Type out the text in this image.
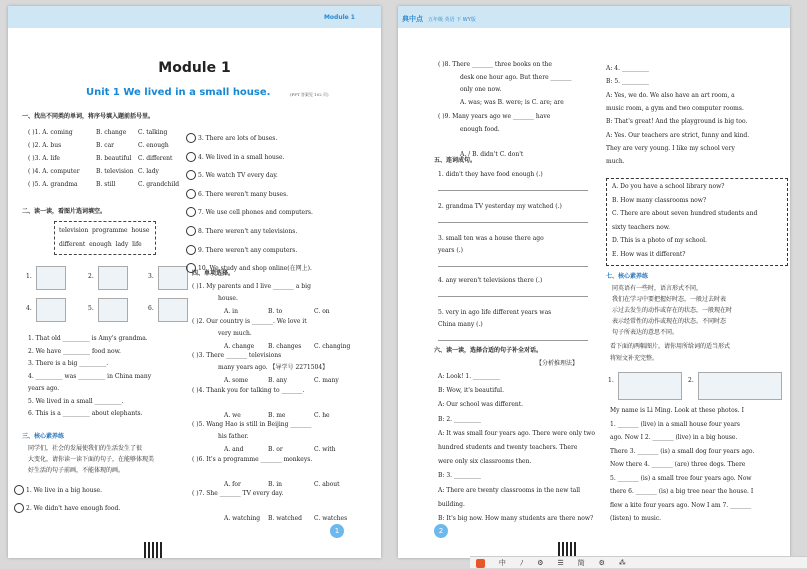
Module 1
Module 1
Unit 1 We lived in a small house.	(PPT 答案见 102 页)
一、找出不同类的单词，将序号填入题前括号里。
二、读一读，看图片选词填空。
television programme house
different enough lady life
三、核心素养练
四、单项选择。
1
( )1. A. coming	B. change C. talking
( )2. A. bus	B. car	C. enough
( )3. A. life	B. beautiful C. different
( )4. A. computer	B. television C. lady
( )5. A. grandma	B. still	C. grandchild
1.	2.	3.
4.	5.	6.
1. That old _________ is Amy's grandma.
2. We have _________ food now.
3. There is a big _________.
4. _________ was _________ in China many
years ago.
5. We lived in a small _________.
6. This is a _________ about elephants.
同学们，社会的发展使我们的生活发生了很
大变化，请你读一读下面的句子，在能够体现美
好生活的句子前画，不能体现的画。
1. We live in a big house.
2. We didn't have enough food.
3. There are lots of buses.
4. We lived in a small house.
5. We watch TV every day.
6. There weren't many buses.
7. We use cell phones and computers.
8. There weren't any televisions.
9. There weren't any computers.
10. We study and shop online(在网上).
( )1. My parents and I live _______ a big
house.
A. in	B. to	C. on
( )2. Our country is _______. We love it
very much.
A. change B. changes C. changing
( )3. There _______ televisions
many years ago. 【导学号 2271504】
A. some	B. any	C. many
( )4. Thank you for talking to _______.
A. we	B. me	C. he
( )5. Wang Hao is still in Beijing _______
his father.
A. and	B. or	C. with
( )6. It's a programme _______ monkeys.
A. for	B. in	C. about
( )7. She _______ TV every day.
A. watching B. watched C. watches
典中点 五年级 英语 下 WY版
五、连词成句。
六、读一读，选择合适的句子补全对话。
【分析推理法】
七、核心素养练
1.	2.
2
( )8. There _______ three books on the
desk one hour ago. But there _______
only one now.
A. was; was B. were; is C. are; are
( )9. Many years ago we _______ have
enough food.
A. / B. didn't C. don't
1. didn't they have food enough (.)
2. grandma TV yesterday my watched (.)
3. small ten was a house there ago
years (.)
4. any weren't televisions there (.)
5. very in ago life different years was
China many (.)
A: Look! 1. _________
B: Wow, it's beautiful.
A: Our school was different.
B: 2. _________
A: It was small four years ago. There were only two
hundred students and twenty teachers. There
were only six classrooms then.
B: 3. _________
A: There are twenty classrooms in the new tall
building.
B: It's big now. How many students are there now?
A: 4. _________
B: 5. _________
A: Yes, we do. We also have an art room, a
music room, a gym and two computer rooms.
B: That's great! And the playground is big too.
A: Yes. Our teachers are strict, funny and kind.
They are very young. I like my school very
much.
A. Do you have a school library now?
B. How many classrooms now?
C. There are about seven hundred students and
sixty teachers now.
D. This is a photo of my school.
E. How was it different?
同英语有一些时，语言形式不同，
我们在学习中要把握好时态，一般过去时表
示过去发生的动作或存在的状态，一般现在时
表示经常性的动作或现在的状态。不同时态
句子所表达的意思不同。
看下面的两幅图片，请你用所给词的适当形式
将短文补充完整。
My name is Li Ming. Look at these photos. I
1. _______ (live) in a small house four years
ago. Now I 2. _______ (live) in a big house.
There 3. _______ (is) a small dog four years ago.
Now there 4. _______ (are) three dogs. There
5. _______ (is) a small tree four years ago. Now
there 6. _______ (is) a big tree near the house. I
flew a kite four years ago. Now I am 7. _______
(listen) to music.
中 ﾉ ⚙ ☰ 简 ⚙ ⁂
